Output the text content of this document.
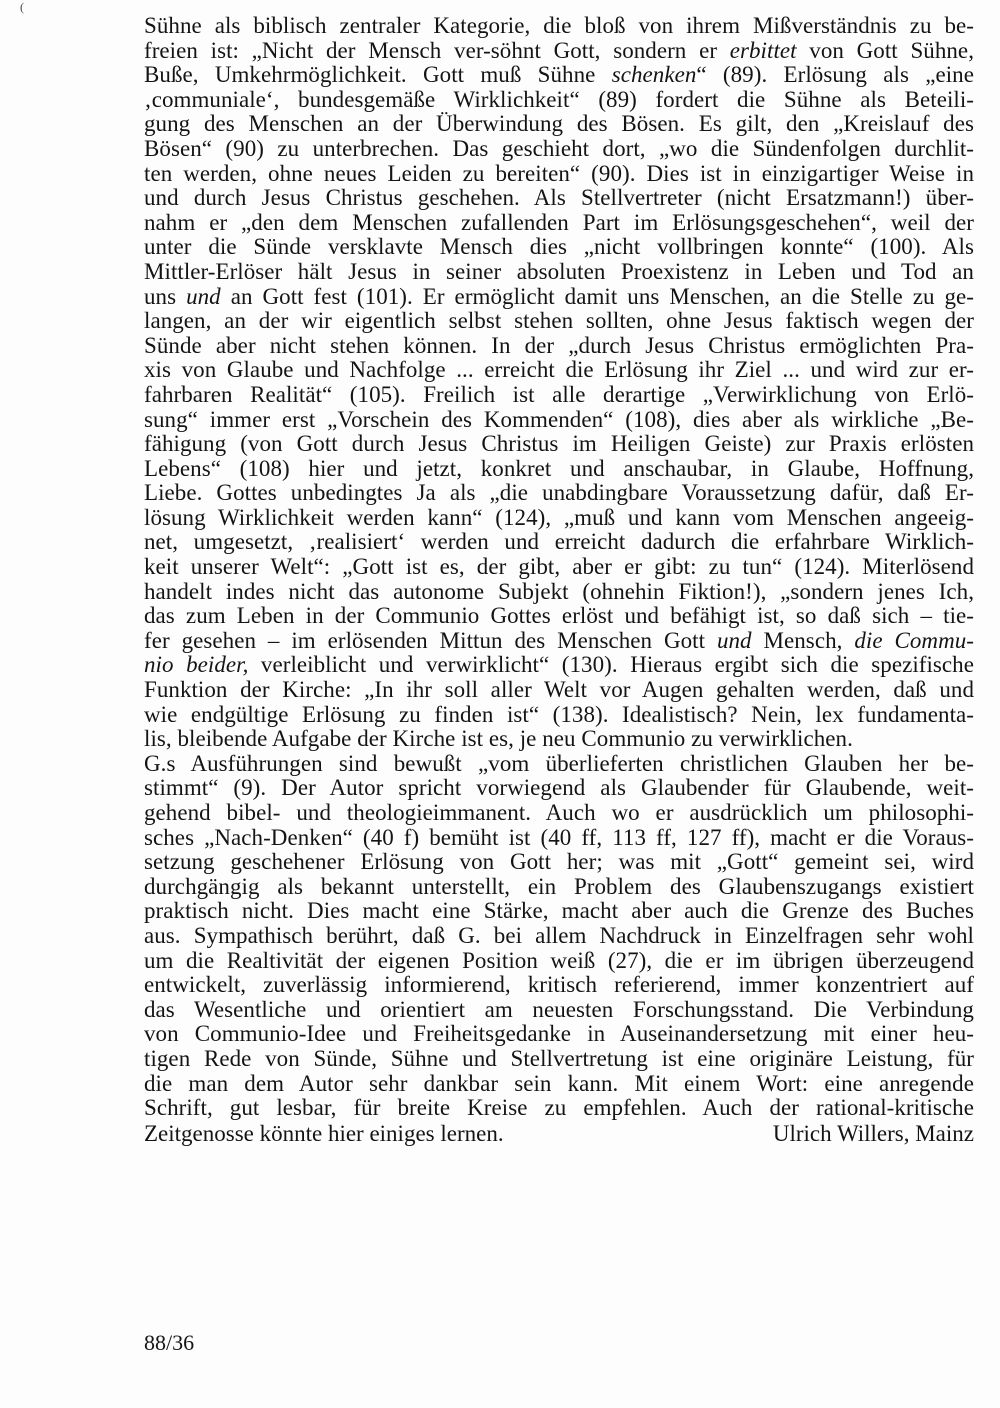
(
Sühne als biblisch zentraler Kategorie, die bloß von ihrem Mißverständnis zu be-
freien ist: „Nicht der Mensch ver-söhnt Gott, sondern er erbittet von Gott Sühne,
Buße, Umkehrmöglichkeit. Gott muß Sühne schenken“ (89). Erlösung als „eine
‚communiale‘, bundesgemäße Wirklichkeit“ (89) fordert die Sühne als Beteili-
gung des Menschen an der Überwindung des Bösen. Es gilt, den „Kreislauf des
Bösen“ (90) zu unterbrechen. Das geschieht dort, „wo die Sündenfolgen durchlit-
ten werden, ohne neues Leiden zu bereiten“ (90). Dies ist in einzigartiger Weise in
und durch Jesus Christus geschehen. Als Stellvertreter (nicht Ersatzmann!) über-
nahm er „den dem Menschen zufallenden Part im Erlösungsgeschehen“, weil der
unter die Sünde versklavte Mensch dies „nicht vollbringen konnte“ (100). Als
Mittler-Erlöser hält Jesus in seiner absoluten Proexistenz in Leben und Tod an
uns und an Gott fest (101). Er ermöglicht damit uns Menschen, an die Stelle zu ge-
langen, an der wir eigentlich selbst stehen sollten, ohne Jesus faktisch wegen der
Sünde aber nicht stehen können. In der „durch Jesus Christus ermöglichten Pra-
xis von Glaube und Nachfolge ... erreicht die Erlösung ihr Ziel ... und wird zur er-
fahrbaren Realität“ (105). Freilich ist alle derartige „Verwirklichung von Erlö-
sung“ immer erst „Vorschein des Kommenden“ (108), dies aber als wirkliche „Be-
fähigung (von Gott durch Jesus Christus im Heiligen Geiste) zur Praxis erlösten
Lebens“ (108) hier und jetzt, konkret und anschaubar, in Glaube, Hoffnung,
Liebe. Gottes unbedingtes Ja als „die unabdingbare Voraussetzung dafür, daß Er-
lösung Wirklichkeit werden kann“ (124), „muß und kann vom Menschen angeeig-
net, umgesetzt, ‚realisiert‘ werden und erreicht dadurch die erfahrbare Wirklich-
keit unserer Welt“: „Gott ist es, der gibt, aber er gibt: zu tun“ (124). Miterlösend
handelt indes nicht das autonome Subjekt (ohnehin Fiktion!), „sondern jenes Ich,
das zum Leben in der Communio Gottes erlöst und befähigt ist, so daß sich – tie-
fer gesehen – im erlösenden Mittun des Menschen Gott und Mensch, die Commu-
nio beider, verleiblicht und verwirklicht“ (130). Hieraus ergibt sich die spezifische
Funktion der Kirche: „In ihr soll aller Welt vor Augen gehalten werden, daß und
wie endgültige Erlösung zu finden ist“ (138). Idealistisch? Nein, lex fundamenta-
lis, bleibende Aufgabe der Kirche ist es, je neu Communio zu verwirklichen.
G.s Ausführungen sind bewußt „vom überlieferten christlichen Glauben her be-
stimmt“ (9). Der Autor spricht vorwiegend als Glaubender für Glaubende, weit-
gehend bibel- und theologieimmanent. Auch wo er ausdrücklich um philosophi-
sches „Nach-Denken“ (40 f) bemüht ist (40 ff, 113 ff, 127 ff), macht er die Voraus-
setzung geschehener Erlösung von Gott her; was mit „Gott“ gemeint sei, wird
durchgängig als bekannt unterstellt, ein Problem des Glaubenszugangs existiert
praktisch nicht. Dies macht eine Stärke, macht aber auch die Grenze des Buches
aus. Sympathisch berührt, daß G. bei allem Nachdruck in Einzelfragen sehr wohl
um die Realtivität der eigenen Position weiß (27), die er im übrigen überzeugend
entwickelt, zuverlässig informierend, kritisch referierend, immer konzentriert auf
das Wesentliche und orientiert am neuesten Forschungsstand. Die Verbindung
von Communio-Idee und Freiheitsgedanke in Auseinandersetzung mit einer heu-
tigen Rede von Sünde, Sühne und Stellvertretung ist eine originäre Leistung, für
die man dem Autor sehr dankbar sein kann. Mit einem Wort: eine anregende
Schrift, gut lesbar, für breite Kreise zu empfehlen. Auch der rational-kritische
Zeitgenosse könnte hier einiges lernen.	Ulrich Willers, Mainz
88/36
